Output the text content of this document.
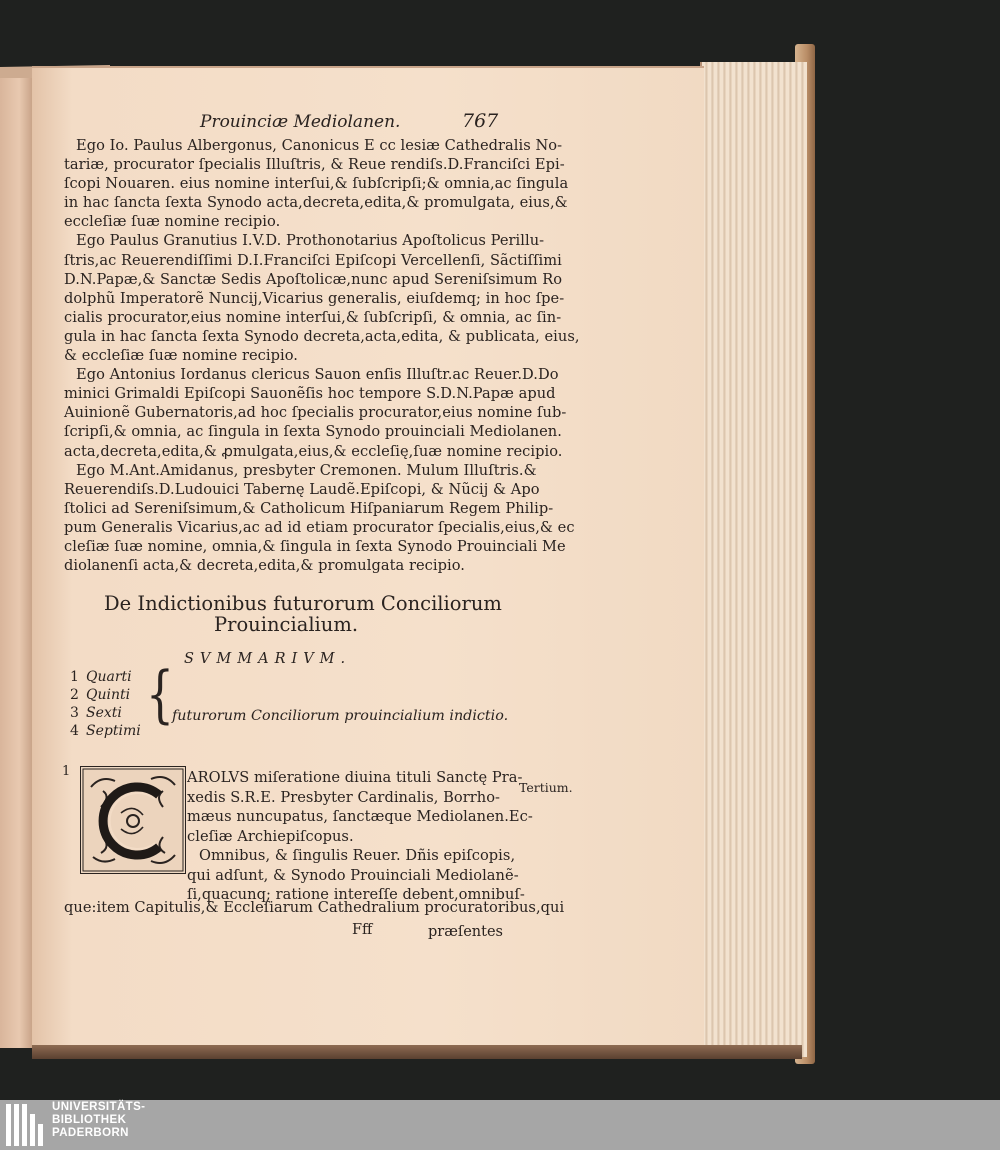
Prouinciæ Mediolanen.	767
Ego Io. Paulus Albergonus, Canonicus E cc lesiæ Cathedralis No-
tariæ, procurator ſpecialis Illuſtris, & Reue rendiſs.D.Franciſci Epi-
ſcopi Nouaren. eius nomine interſui,& ſubſcripſi;& omnia,ac ſingula
in hac ſancta ſexta Synodo acta,decreta,edita,& promulgata, eius,&
eccleſiæ ſuæ nomine recipio.
Ego Paulus Granutius I.V.D. Prothonotarius Apoſtolicus Perillu-
ſtris,ac Reuerendiſſimi D.I.Franciſci Epiſcopi Vercellenſi, Sãctiſſimi
D.N.Papæ,& Sanctæ Sedis Apoſtolicæ,nunc apud Sereniſsimum Ro
dolphũ Imperatorẽ Nuncij,Vicarius generalis, eiuſdemq; in hoc ſpe-
cialis procurator,eius nomine interſui,& ſubſcripſi, & omnia, ac ſin-
gula in hac ſancta ſexta Synodo decreta,acta,edita, & publicata, eius,
& eccleſiæ ſuæ nomine recipio.
Ego Antonius Iordanus clericus Sauon enſis Illuſtr.ac Reuer.D.Do
minici Grimaldi Epiſcopi Sauonẽſis hoc tempore S.D.N.Papæ apud
Auinionẽ Gubernatoris,ad hoc ſpecialis procurator,eius nomine ſub-
ſcripſi,& omnia, ac ſingula in ſexta Synodo prouinciali Mediolanen.
acta,decreta,edita,& ꝓmulgata,eius,& eccleſię,ſuæ nomine recipio.
Ego M.Ant.Amidanus, presbyter Cremonen. Mulum Illuſtris.&
Reuerendiſs.D.Ludouici Tabernę Laudẽ.Epiſcopi, & Nũcij & Apo
ſtolici ad Sereniſsimum,& Catholicum Hiſpaniarum Regem Philip-
pum Generalis Vicarius,ac ad id etiam procurator ſpecialis,eius,& ec
cleſiæ ſuæ nomine, omnia,& ſingula in ſexta Synodo Prouinciali Me
diolanenſi acta,& decreta,edita,& promulgata recipio.
De Indictionibus futurorum Conciliorum
Prouincialium.
SVMMARIVM.
1 Quarti
2 Quinti
3 Sexti
4 Septimi {
futurorum Conciliorum prouincialium indictio.
1	AROLVS miſeratione diuina tituli Sanctę Pra-
xedis S.R.E. Presbyter Cardinalis, Borrho-
mæus nuncupatus, ſanctæque Mediolanen.Ec-
cleſiæ Archiepiſcopus.
Omnibus, & ſingulis Reuer. Dñis epiſcopis,
qui adſunt, & Synodo Prouinciali Mediolanẽ-
ſi,quacunq; ratione intereſſe debent,omnibuſ-
que:item Capitulis,& Eccleſiarum Cathedralium procuratoribus,qui
Fff	præſentes
Tertium.
UNIVERSITÄTS-
BIBLIOTHEK
PADERBORN
